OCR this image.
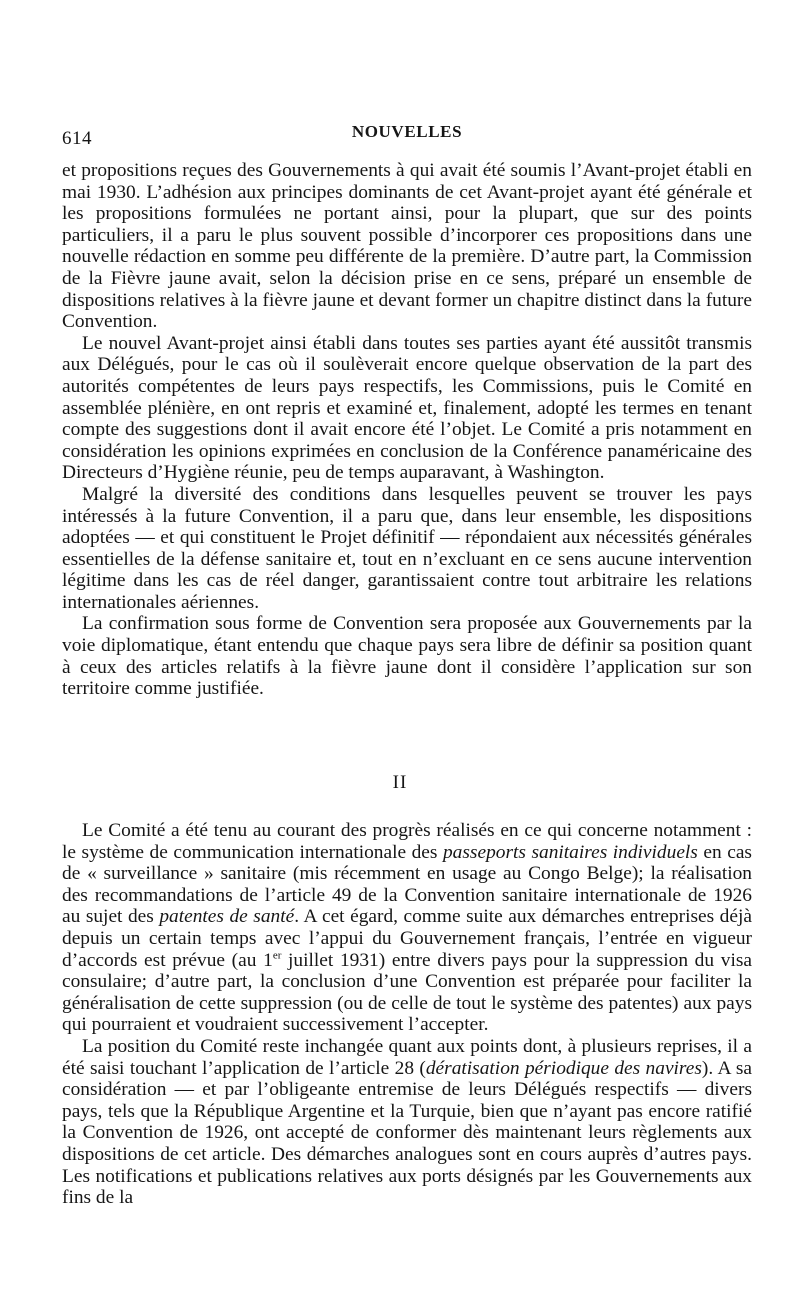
614	NOUVELLES

et propositions reçues des Gouvernements à qui avait été soumis l’Avant-projet établi en mai 1930. L’adhésion aux principes dominants de cet Avant-projet ayant été générale et les propositions formulées ne portant ainsi, pour la plupart, que sur des points particuliers, il a paru le plus souvent possible d’incorporer ces propositions dans une nouvelle rédaction en somme peu différente de la première. D’autre part, la Commission de la Fièvre jaune avait, selon la décision prise en ce sens, préparé un ensemble de dispositions relatives à la fièvre jaune et devant former un chapitre distinct dans la future Convention.

Le nouvel Avant-projet ainsi établi dans toutes ses parties ayant été aussitôt transmis aux Délégués, pour le cas où il soulèverait encore quelque observation de la part des autorités compétentes de leurs pays respectifs, les Commissions, puis le Comité en assemblée plénière, en ont repris et examiné et, finalement, adopté les termes en tenant compte des suggestions dont il avait encore été l’objet. Le Comité a pris notamment en considération les opinions exprimées en conclusion de la Conférence panaméricaine des Directeurs d’Hygiène réunie, peu de temps auparavant, à Washington.

Malgré la diversité des conditions dans lesquelles peuvent se trouver les pays intéressés à la future Convention, il a paru que, dans leur ensemble, les dispositions adoptées — et qui constituent le Projet définitif — répondaient aux nécessités générales essentielles de la défense sanitaire et, tout en n’excluant en ce sens aucune intervention légitime dans les cas de réel danger, garantissaient contre tout arbitraire les relations internationales aériennes.

La confirmation sous forme de Convention sera proposée aux Gouvernements par la voie diplomatique, étant entendu que chaque pays sera libre de définir sa position quant à ceux des articles relatifs à la fièvre jaune dont il considère l’application sur son territoire comme justifiée.

II

Le Comité a été tenu au courant des progrès réalisés en ce qui concerne notamment : le système de communication internationale des passeports sanitaires individuels en cas de « surveillance » sanitaire (mis récemment en usage au Congo Belge); la réalisation des recommandations de l’article 49 de la Convention sanitaire internationale de 1926 au sujet des patentes de santé. A cet égard, comme suite aux démarches entreprises déjà depuis un certain temps avec l’appui du Gouvernement français, l’entrée en vigueur d’accords est prévue (au 1er juillet 1931) entre divers pays pour la suppression du visa consulaire; d’autre part, la conclusion d’une Convention est préparée pour faciliter la généralisation de cette suppression (ou de celle de tout le système des patentes) aux pays qui pourraient et voudraient successivement l’accepter.

La position du Comité reste inchangée quant aux points dont, à plusieurs reprises, il a été saisi touchant l’application de l’article 28 (dératisation périodique des navires). A sa considération — et par l’obligeante entremise de leurs Délégués respectifs — divers pays, tels que la République Argentine et la Turquie, bien que n’ayant pas encore ratifié la Convention de 1926, ont accepté de conformer dès maintenant leurs règlements aux dispositions de cet article. Des démarches analogues sont en cours auprès d’autres pays. Les notifications et publications relatives aux ports désignés par les Gouvernements aux fins de la
